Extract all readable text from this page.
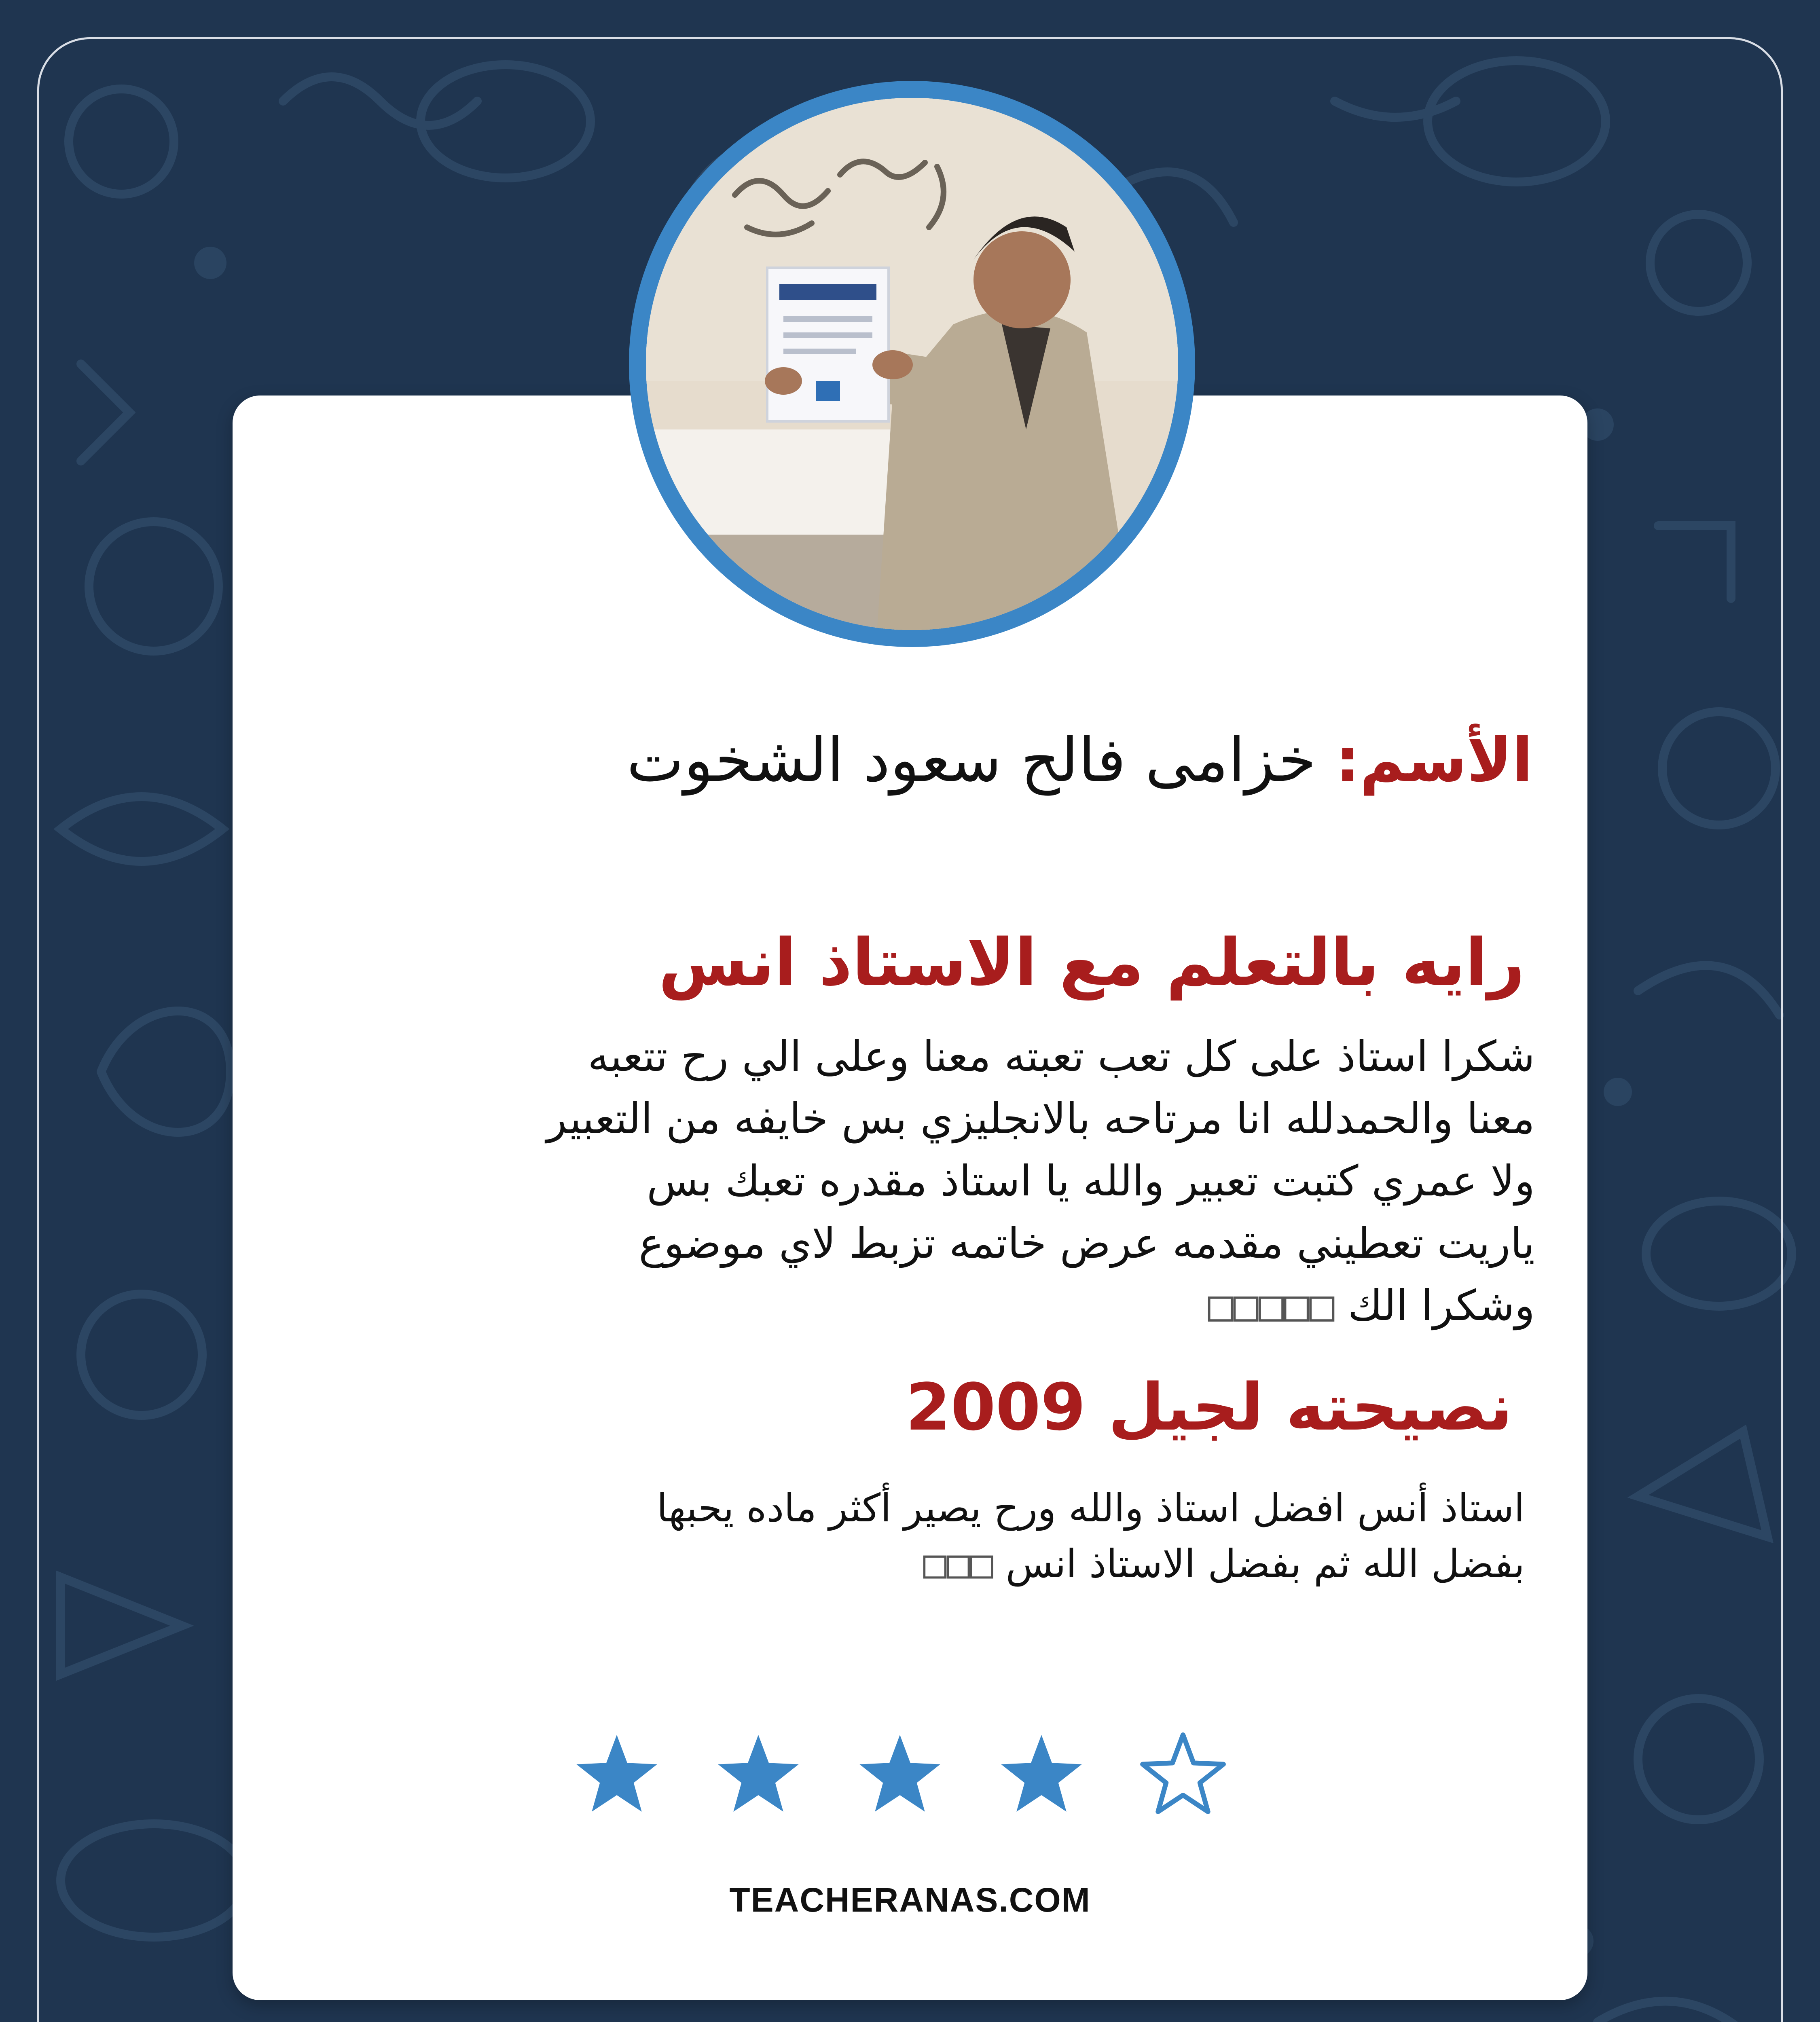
الأسم: خزامى فالح سعود الشخوت
رايه بالتعلم مع الاستاذ انس
شكرا استاذ على كل تعب تعبته معنا وعلى الي رح تتعبه
معنا والحمدلله انا مرتاحه بالانجليزي بس خايفه من التعبير
ولا عمري كتبت تعبير والله يا استاذ مقدره تعبك بس
ياريت تعطيني مقدمه عرض خاتمه تزبط لاي موضوع
وشكرا الك □□□□□
نصيحته لجيل 2009
استاذ أنس افضل استاذ والله ورح يصير أكثر ماده يحبها
بفضل الله ثم بفضل الاستاذ انس □□□
TEACHERANAS.COM
